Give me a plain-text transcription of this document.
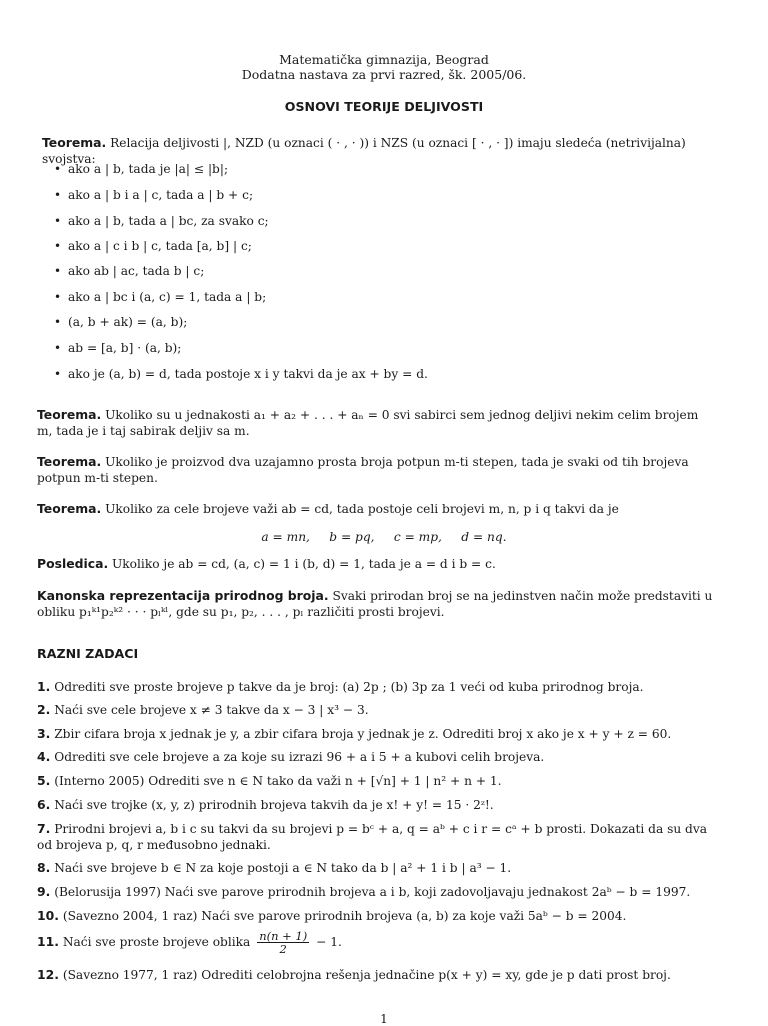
Matematička gimnazija, Beograd
Dodatna nastava za prvi razred, šk. 2005/06.
OSNOVI TEORIJE DELJIVOSTI
Teorema. Relacija deljivosti |, NZD (u oznaci ( · , · )) i NZS (u oznaci [ · , · ]) imaju sledeća (netrivijalna) svojstva:
• ako a | b, tada je |a| ≤ |b|;
• ako a | b i a | c, tada a | b + c;
• ako a | b, tada a | bc, za svako c;
• ako a | c i b | c, tada [a, b] | c;
• ako ab | ac, tada b | c;
• ako a | bc i (a, c) = 1, tada a | b;
• (a, b + ak) = (a, b);
• ab = [a, b] · (a, b);
• ako je (a, b) = d, tada postoje x i y takvi da je ax + by = d.
Teorema. Ukoliko su u jednakosti a₁ + a₂ + . . . + aₙ = 0 svi sabirci sem jednog deljivi nekim celim brojem m, tada je i taj sabirak deljiv sa m.
Teorema. Ukoliko je proizvod dva uzajamno prosta broja potpun m-ti stepen, tada je svaki od tih brojeva potpun m-ti stepen.
Teorema. Ukoliko za cele brojeve važi ab = cd, tada postoje celi brojevi m, n, p i q takvi da je
a = mn,     b = pq,     c = mp,     d = nq.
Posledica. Ukoliko je ab = cd, (a, c) = 1 i (b, d) = 1, tada je a = d i b = c.
Kanonska reprezentacija prirodnog broja. Svaki prirodan broj se na jedinstven način može predstaviti u obliku p₁ᵏ¹p₂ᵏ² · · · pₗᵏˡ, gde su p₁, p₂, . . . , pₗ različiti prosti brojevi.
RAZNI ZADACI
1. Odrediti sve proste brojeve p takve da je broj: (a) 2p ; (b) 3p za 1 veći od kuba prirodnog broja.
2. Naći sve cele brojeve x ≠ 3 takve da x − 3 | x³ − 3.
3. Zbir cifara broja x jednak je y, a zbir cifara broja y jednak je z. Odrediti broj x ako je x + y + z = 60.
4. Odrediti sve cele brojeve a za koje su izrazi 96 + a i 5 + a kubovi celih brojeva.
5. (Interno 2005) Odrediti sve n ∈ N tako da važi n + [√n] + 1 | n² + n + 1.
6. Naći sve trojke (x, y, z) prirodnih brojeva takvih da je x! + y! = 15 · 2ᶻ!.
7. Prirodni brojevi a, b i c su takvi da su brojevi p = bᶜ + a, q = aᵇ + c i r = cᵃ + b prosti. Dokazati da su dva od brojeva p, q, r međusobno jednaki.
8. Naći sve brojeve b ∈ N za koje postoji a ∈ N tako da b | a² + 1 i b | a³ − 1.
9. (Belorusija 1997) Naći sve parove prirodnih brojeva a i b, koji zadovoljavaju jednakost 2aᵇ − b = 1997.
10. (Savezno 2004, 1 raz) Naći sve parove prirodnih brojeva (a, b) za koje važi 5aᵇ − b = 2004.
11. Naći sve proste brojeve oblika $\frac{n(n + 1)}{2} - 1$.
12. (Savezno 1977, 1 raz) Odrediti celobrojna rešenja jednačine p(x + y) = xy, gde je p dati prost broj.
1
